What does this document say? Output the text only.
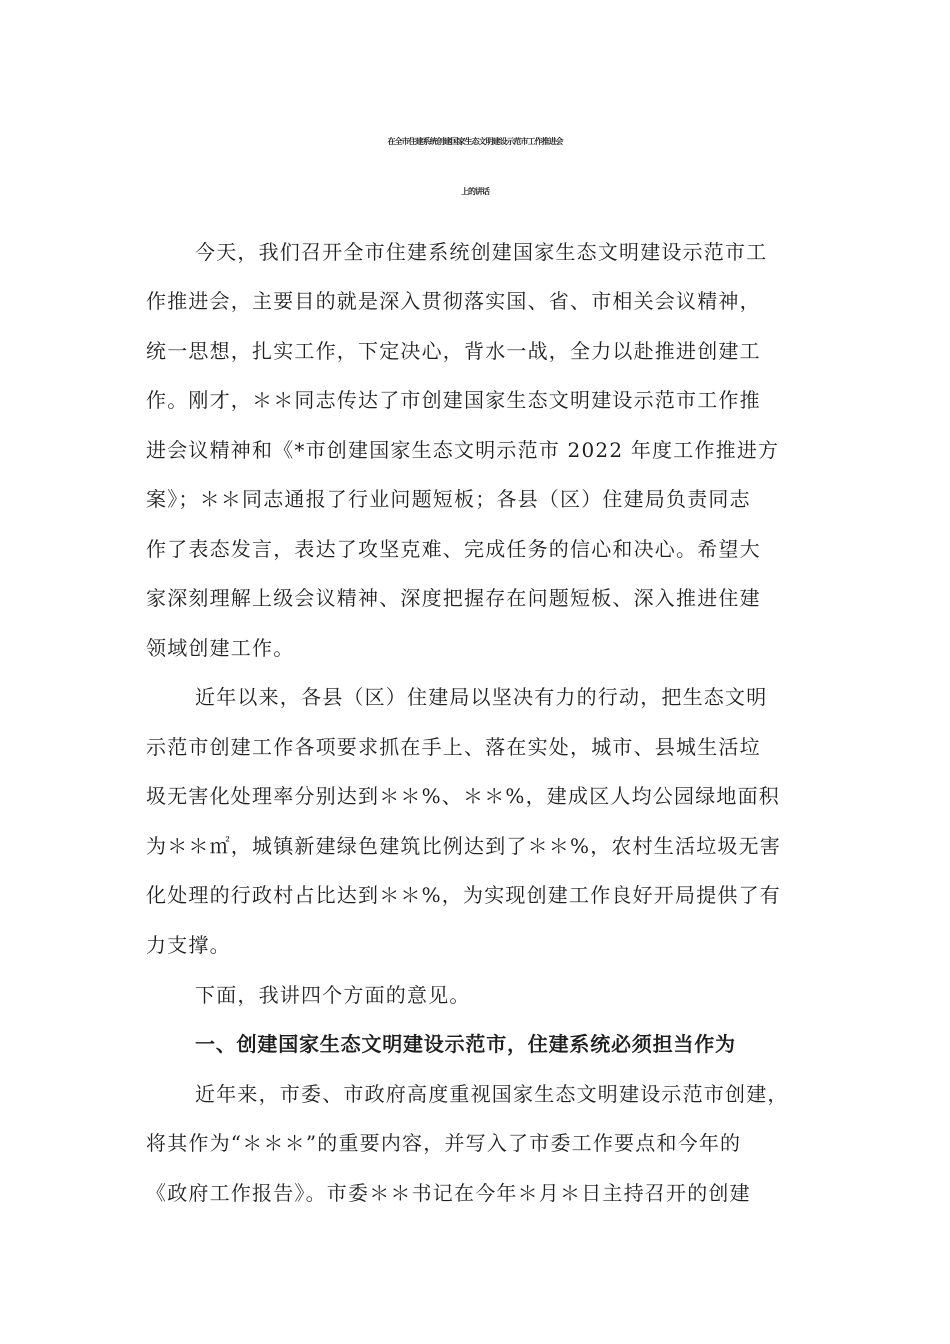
在全市住建系统创建国家生态文明建设示范市工作推进会
上的讲话
今天，我们召开全市住建系统创建国家生态文明建设示范市工
作推进会，主要目的就是深入贯彻落实国、省、市相关会议精神，
统一思想，扎实工作，下定决心，背水一战，全力以赴推进创建工
作。刚才，＊＊同志传达了市创建国家生态文明建设示范市工作推
进会议精神和《*市创建国家生态文明示范市 2022 年度工作推进方
案》；＊＊同志通报了行业问题短板；各县（区）住建局负责同志
作了表态发言，表达了攻坚克难、完成任务的信心和决心。希望大
家深刻理解上级会议精神、深度把握存在问题短板、深入推进住建
领域创建工作。
近年以来，各县（区）住建局以坚决有力的行动，把生态文明
示范市创建工作各项要求抓在手上、落在实处，城市、县城生活垃
圾无害化处理率分别达到＊＊%、＊＊%，建成区人均公园绿地面积
为＊＊㎡，城镇新建绿色建筑比例达到了＊＊%，农村生活垃圾无害
化处理的行政村占比达到＊＊%，为实现创建工作良好开局提供了有
力支撑。
下面，我讲四个方面的意见。
一、创建国家生态文明建设示范市，住建系统必须担当作为
近年来，市委、市政府高度重视国家生态文明建设示范市创建，
将其作为“＊＊＊”的重要内容，并写入了市委工作要点和今年的
《政府工作报告》。市委＊＊书记在今年＊月＊日主持召开的创建
